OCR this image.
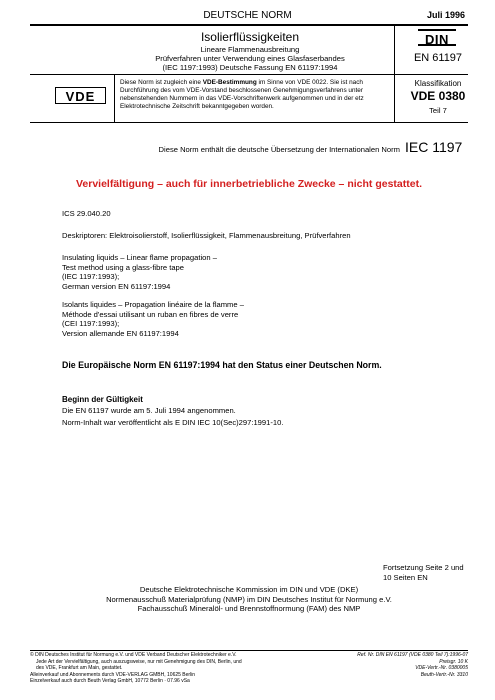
DEUTSCHE NORM	Juli 1996
Isolierflüssigkeiten
Lineare Flammenausbreitung
Prüfverfahren unter Verwendung eines Glasfaserbandes
(IEC 1197:1993) Deutsche Fassung EN 61197:1994
DIN
EN 61197
VDE
Diese Norm ist zugleich eine VDE-Bestimmung im Sinne von VDE 0022. Sie ist nach Durchführung des vom VDE-Vorstand beschlossenen Genehmigungsverfahrens unter nebenstehenden Nummern in das VDE-Vorschriftenwerk aufgenommen und in der etz Elektrotechnische Zeitschrift bekanntgegeben worden.
Klassifikation
VDE 0380
Teil 7
Diese Norm enthält die deutsche Übersetzung der Internationalen Norm IEC 1197
Vervielfältigung – auch für innerbetriebliche Zwecke – nicht gestattet.
ICS 29.040.20
Deskriptoren: Elektroisolierstoff, Isolierflüssigkeit, Flammenausbreitung, Prüfverfahren
Insulating liquids – Linear flame propagation –
Test method using a glass-fibre tape
(IEC 1197:1993);
German version EN 61197:1994
Isolants liquides – Propagation linéaire de la flamme –
Méthode d'essai utilisant un ruban en fibres de verre
(CEI 1197:1993);
Version allemande EN 61197:1994
Die Europäische Norm EN 61197:1994 hat den Status einer Deutschen Norm.
Beginn der Gültigkeit
Die EN 61197 wurde am 5. Juli 1994 angenommen.
Norm-Inhalt war veröffentlicht als E DIN IEC 10(Sec)297:1991-10.
Fortsetzung Seite 2 und
10 Seiten EN
Deutsche Elektrotechnische Kommission im DIN und VDE (DKE)
Normenausschuß Materialprüfung (NMP) im DIN Deutsches Institut für Normung e.V.
Fachausschuß Mineralöl- und Brennstoffnormung (FAM) des NMP
© DIN Deutsches Institut für Normung e.V. und VDE Verband Deutscher Elektrotechniker e.V.
Jede Art der Vervielfältigung, auch auszugsweise, nur mit Genehmigung des DIN, Berlin, und
des VDE, Frankfurt am Main, gestattet.
Alleinverkauf und Abonnements durch VDE-VERLAG GMBH, 10625 Berlin
Einzelverkauf auch durch Beuth Verlag GmbH, 10772 Berlin · 07.96 vSa
Ref. Nr. DIN EN 61197 (VDE 0380 Teil 7):1996-07
Preisgr. 10 K
VDE-Vertr.-Nr. 0380005
Beuth-Vertr.-Nr. 3310
